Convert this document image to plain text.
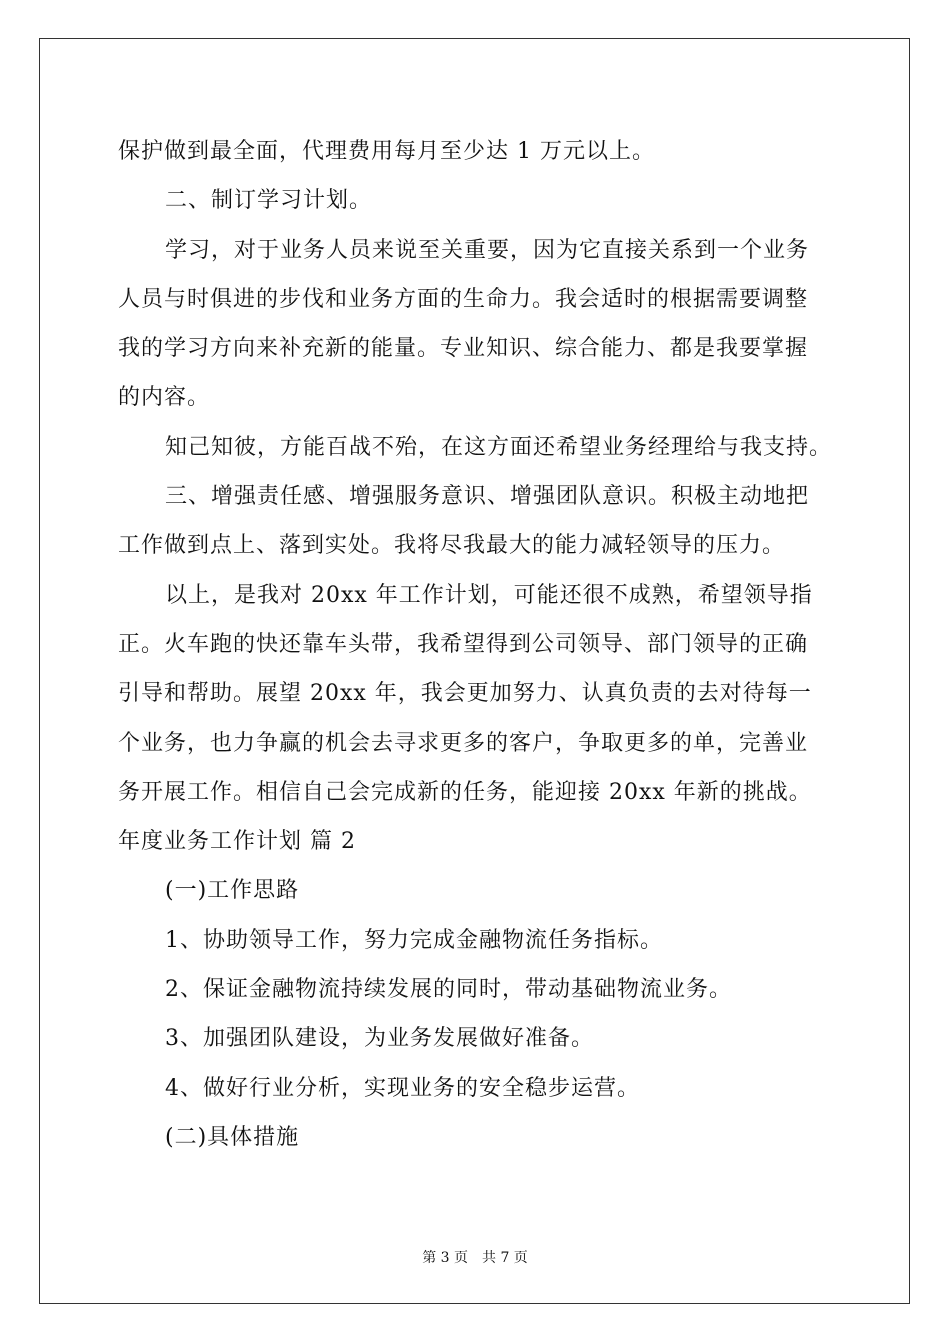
保护做到最全面，代理费用每月至少达 1 万元以上。
二、制订学习计划。
学习，对于业务人员来说至关重要，因为它直接关系到一个业务
人员与时俱进的步伐和业务方面的生命力。我会适时的根据需要调整
我的学习方向来补充新的能量。专业知识、综合能力、都是我要掌握
的内容。
知己知彼，方能百战不殆，在这方面还希望业务经理给与我支持。
三、增强责任感、增强服务意识、增强团队意识。积极主动地把
工作做到点上、落到实处。我将尽我最大的能力减轻领导的压力。
以上，是我对 20xx 年工作计划，可能还很不成熟，希望领导指
正。火车跑的快还靠车头带，我希望得到公司领导、部门领导的正确
引导和帮助。展望 20xx 年，我会更加努力、认真负责的去对待每一
个业务，也力争赢的机会去寻求更多的客户，争取更多的单，完善业
务开展工作。相信自己会完成新的任务，能迎接 20xx 年新的挑战。
年度业务工作计划 篇 2
(一)工作思路
1、协助领导工作，努力完成金融物流任务指标。
2、保证金融物流持续发展的同时，带动基础物流业务。
3、加强团队建设，为业务发展做好准备。
4、做好行业分析，实现业务的安全稳步运营。
(二)具体措施
第 3 页　共 7 页
